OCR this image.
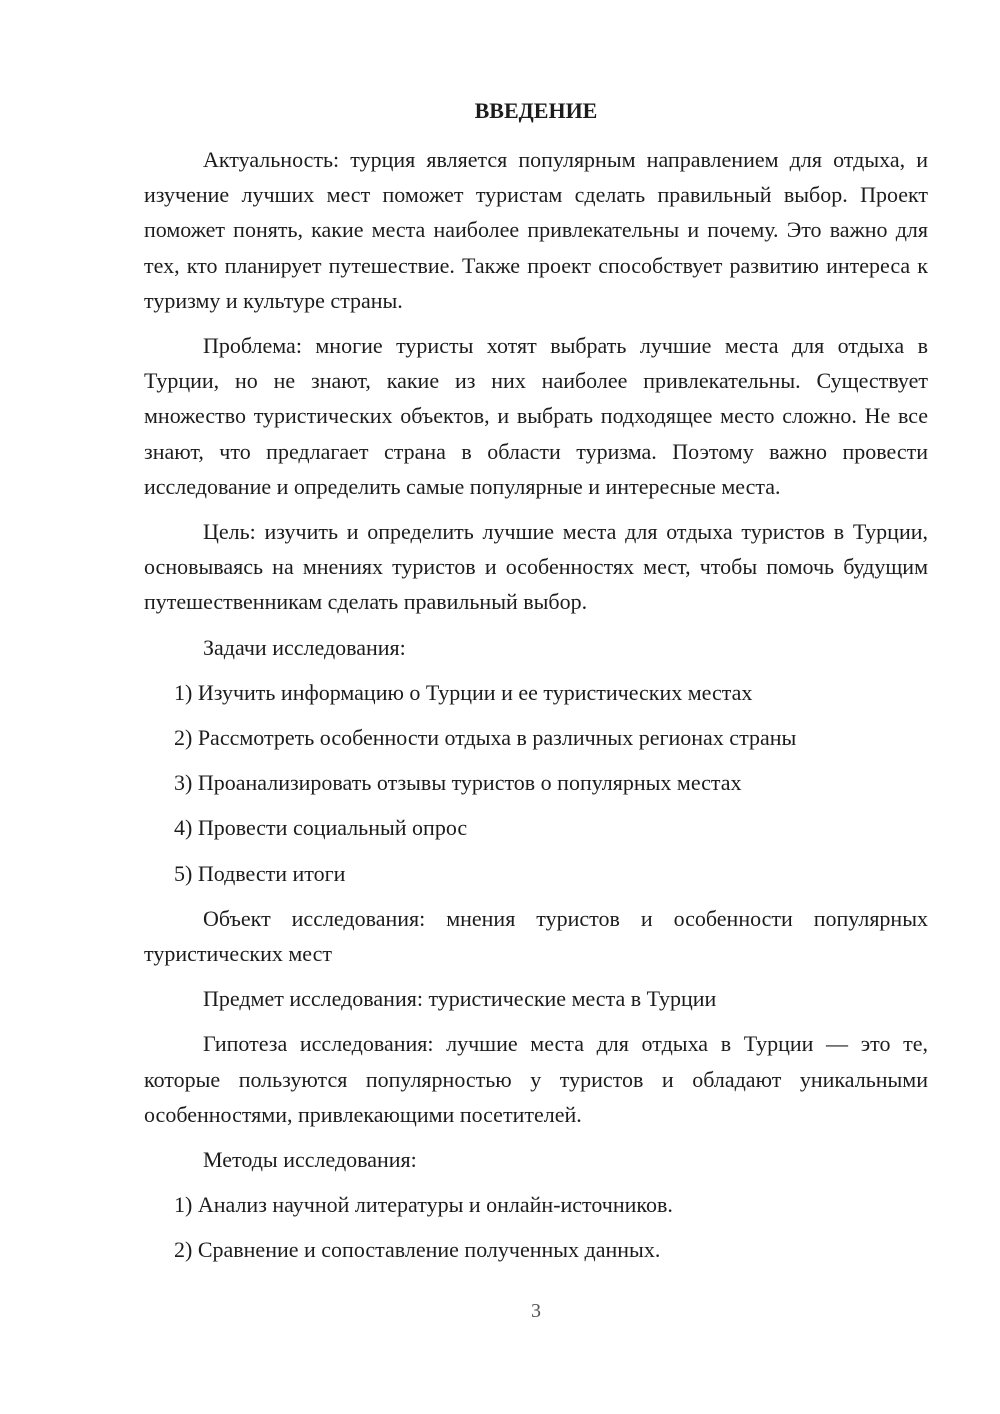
ВВЕДЕНИЕ

Актуальность: турция является популярным направлением для отдыха, и изучение лучших мест поможет туристам сделать правильный выбор. Проект поможет понять, какие места наиболее привлекательны и почему. Это важно для тех, кто планирует путешествие. Также проект способствует развитию интереса к туризму и культуре страны.

Проблема: многие туристы хотят выбрать лучшие места для отдыха в Турции, но не знают, какие из них наиболее привлекательны. Существует множество туристических объектов, и выбрать подходящее место сложно. Не все знают, что предлагает страна в области туризма. Поэтому важно провести исследование и определить самые популярные и интересные места.

Цель: изучить и определить лучшие места для отдыха туристов в Турции, основываясь на мнениях туристов и особенностях мест, чтобы помочь будущим путешественникам сделать правильный выбор.

Задачи исследования:

1) Изучить информацию о Турции и ее туристических местах

2) Рассмотреть особенности отдыха в различных регионах страны

3) Проанализировать отзывы туристов о популярных местах

4) Провести социальный опрос

5) Подвести итоги

Объект исследования: мнения туристов и особенности популярных туристических мест

Предмет исследования: туристические места в Турции

Гипотеза исследования: лучшие места для отдыха в Турции — это те, которые пользуются популярностью у туристов и обладают уникальными особенностями, привлекающими посетителей.

Методы исследования:

1) Анализ научной литературы и онлайн-источников.

2) Сравнение и сопоставление полученных данных.

3
